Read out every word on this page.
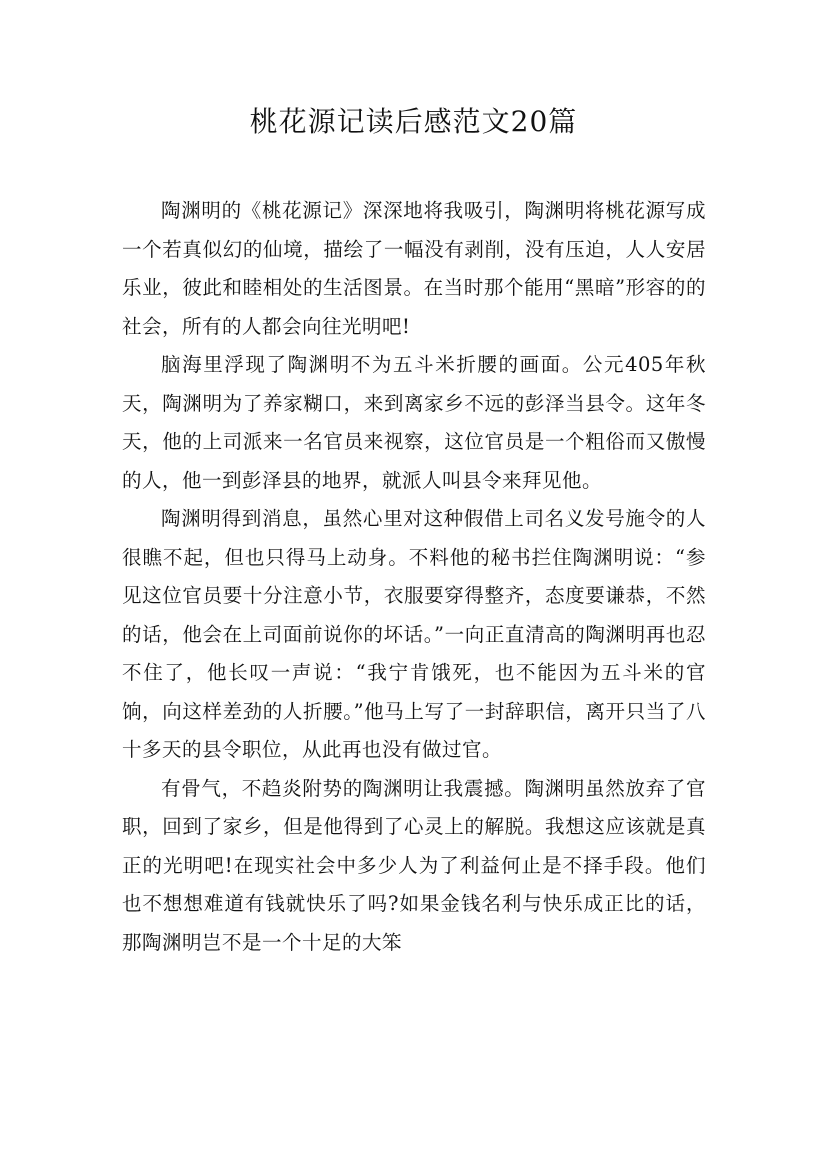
桃花源记读后感范文20篇

陶渊明的《桃花源记》深深地将我吸引，陶渊明将桃花源写成一个若真似幻的仙境，描绘了一幅没有剥削，没有压迫，人人安居乐业，彼此和睦相处的生活图景。在当时那个能用“黑暗”形容的的社会，所有的人都会向往光明吧!

脑海里浮现了陶渊明不为五斗米折腰的画面。公元405年秋天，陶渊明为了养家糊口，来到离家乡不远的彭泽当县令。这年冬天，他的上司派来一名官员来视察，这位官员是一个粗俗而又傲慢的人，他一到彭泽县的地界，就派人叫县令来拜见他。

陶渊明得到消息，虽然心里对这种假借上司名义发号施令的人很瞧不起，但也只得马上动身。不料他的秘书拦住陶渊明说：“参见这位官员要十分注意小节，衣服要穿得整齐，态度要谦恭，不然的话，他会在上司面前说你的坏话。”一向正直清高的陶渊明再也忍不住了，他长叹一声说：“我宁肯饿死，也不能因为五斗米的官饷，向这样差劲的人折腰。”他马上写了一封辞职信，离开只当了八十多天的县令职位，从此再也没有做过官。

有骨气，不趋炎附势的陶渊明让我震撼。陶渊明虽然放弃了官职，回到了家乡，但是他得到了心灵上的解脱。我想这应该就是真正的光明吧!在现实社会中多少人为了利益何止是不择手段。他们也不想想难道有钱就快乐了吗?如果金钱名利与快乐成正比的话，那陶渊明岂不是一个十足的大笨
